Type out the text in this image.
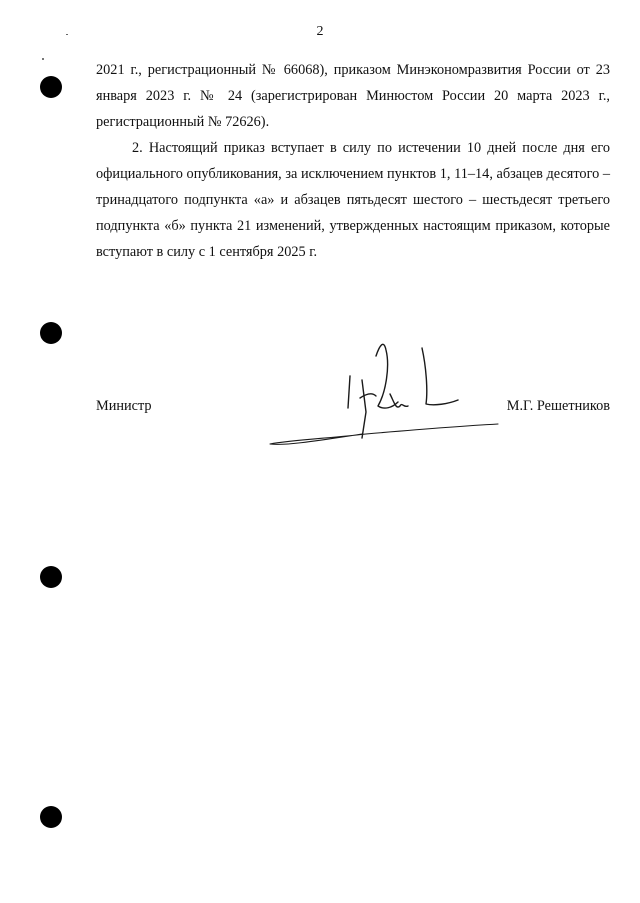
2

2021 г., регистрационный № 66068), приказом Минэкономразвития России от 23 января 2023 г. № 24 (зарегистрирован Минюстом России 20 марта 2023 г., регистрационный № 72626).

2. Настоящий приказ вступает в силу по истечении 10 дней после дня его официального опубликования, за исключением пунктов 1, 11–14, абзацев десятого – тринадцатого подпункта «а» и абзацев пятьдесят шестого – шестьдесят третьего подпункта «б» пункта 21 изменений, утвержденных настоящим приказом, которые вступают в силу с 1 сентября 2025 г.

Министр	М.Г. Решетников
